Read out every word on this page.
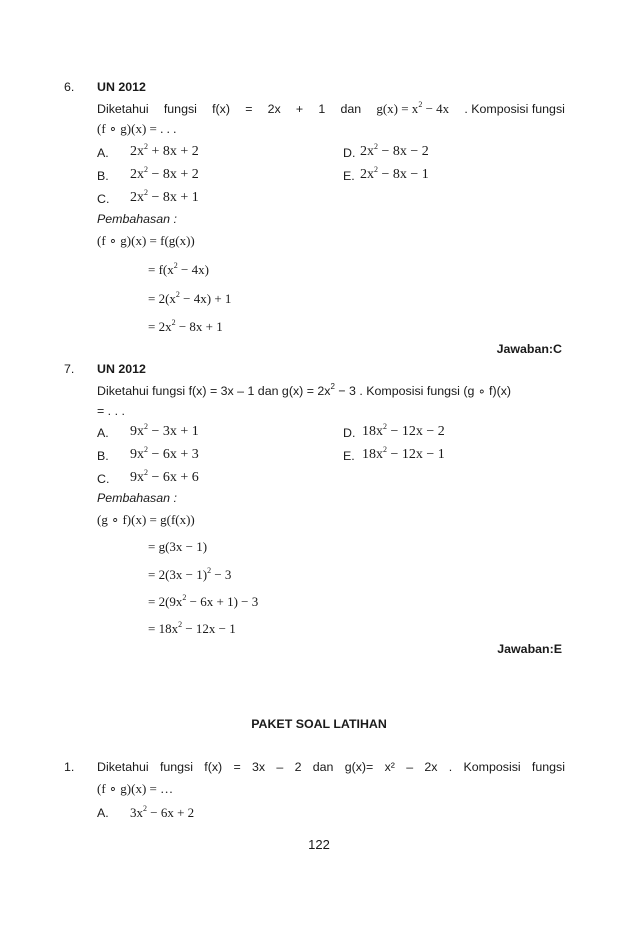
6. UN 2012
Diketahui fungsi f(x) = 2x + 1 dan $g(x) = x^2 - 4x$ . Komposisi fungsi
(f ∘ g)(x) = . . .
A. $2x^2 + 8x + 2$	D. $2x^2 - 8x - 2$
B. $2x^2 - 8x + 2$	E. $2x^2 - 8x - 1$
C. $2x^2 - 8x + 1$
Pembahasan :
(f ∘ g)(x) = f(g(x))
= $f(x^2 - 4x)$
= $2(x^2 - 4x) + 1$
= $2x^2 - 8x + 1$
Jawaban:C
7. UN 2012
Diketahui fungsi f(x) = 3x – 1 dan $g(x) = 2x^2 - 3$ . Komposisi fungsi (g ∘ f)(x)
= . . .
A. $9x^2 - 3x + 1$	D. $18x^2 - 12x - 2$
B. $9x^2 - 6x + 3$	E. $18x^2 - 12x - 1$
C. $9x^2 - 6x + 6$
Pembahasan :
(g ∘ f)(x) = g(f(x))
= g(3x − 1)
= $2(3x - 1)^2 - 3$
= $2(9x^2 - 6x + 1) - 3$
= $18x^2 - 12x - 1$
Jawaban:E
PAKET SOAL LATIHAN
1. Diketahui fungsi f(x) = 3x – 2 dan g(x)= x² – 2x . Komposisi fungsi
(f ∘ g)(x) = …
A. $3x^2 - 6x + 2$
122
